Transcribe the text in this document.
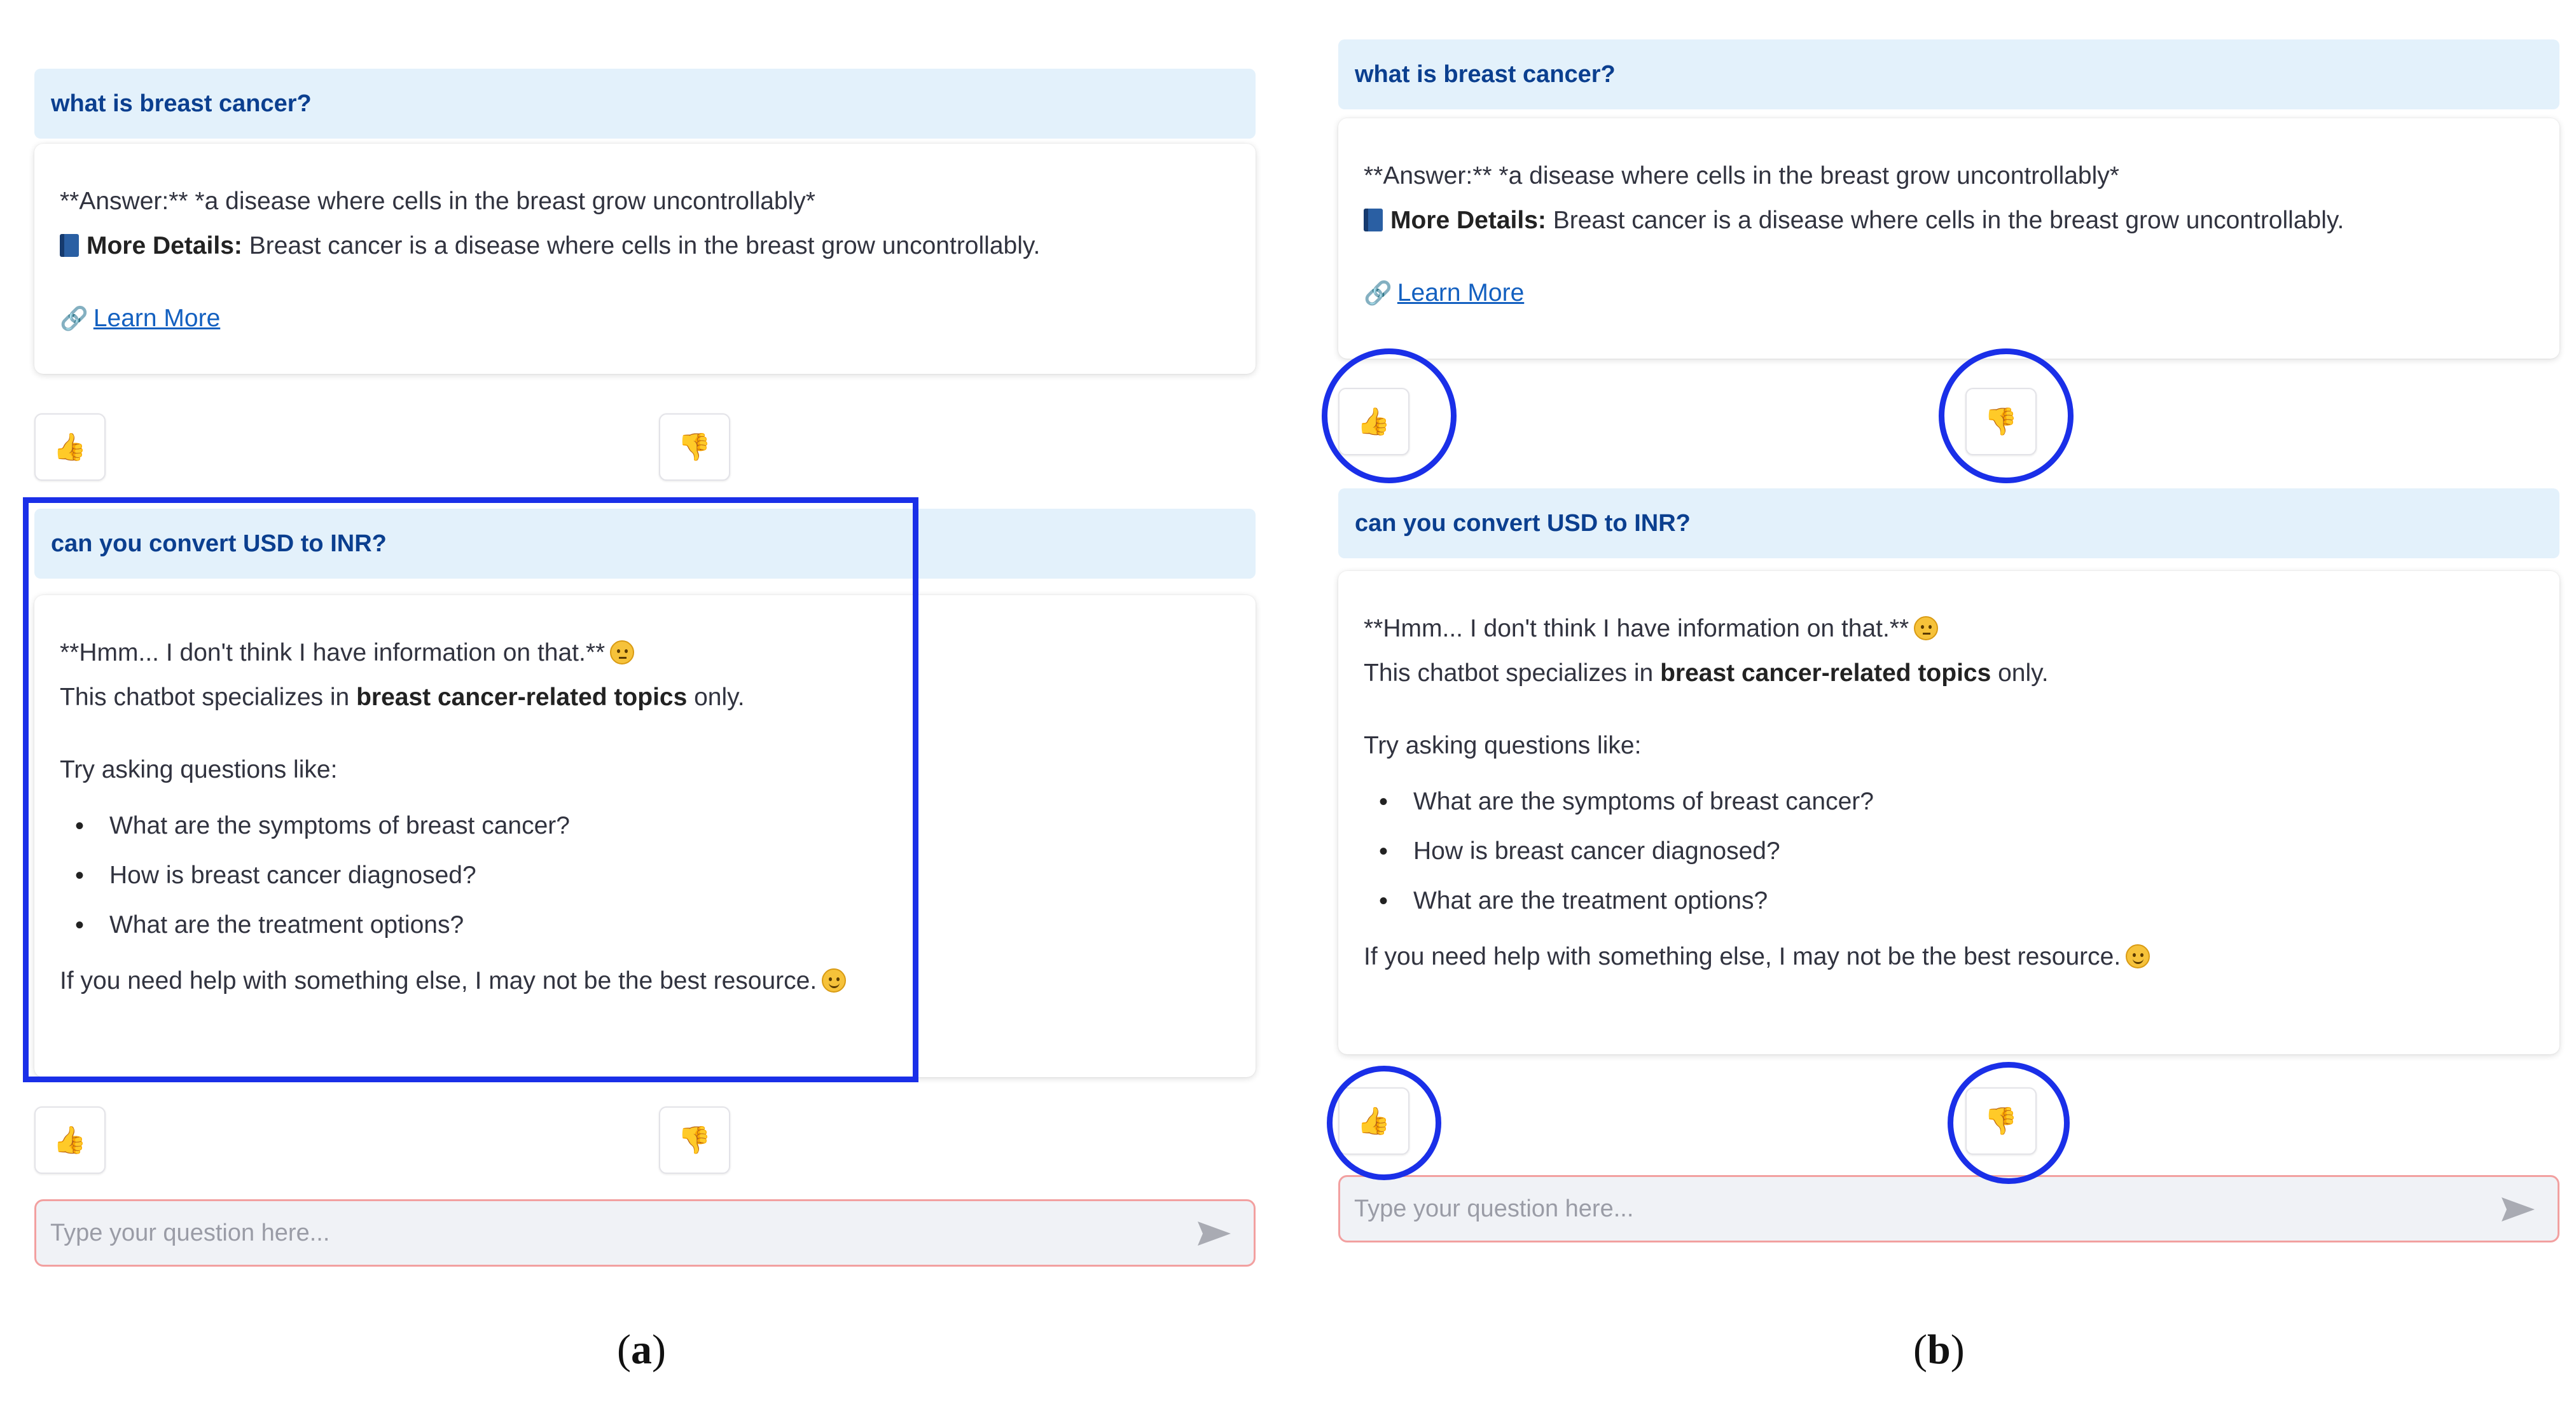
what is breast cancer?

**Answer:** *a disease where cells in the breast grow uncontrollably*

More Details: Breast cancer is a disease where cells in the breast grow uncontrollably.

🔗 Learn More

👍	👎
can you convert USD to INR?

**Hmm... I don't think I have information on that.**

This chatbot specializes in breast cancer-related topics only.

Try asking questions like:

• What are the symptoms of breast cancer?
• How is breast cancer diagnosed?
• What are the treatment options?

If you need help with something else, I may not be the best resource.

👍	👎
Type your question here...
(a)
what is breast cancer?

**Answer:** *a disease where cells in the breast grow uncontrollably*

More Details: Breast cancer is a disease where cells in the breast grow uncontrollably.

🔗 Learn More

👍	👎
can you convert USD to INR?

**Hmm... I don't think I have information on that.**

This chatbot specializes in breast cancer-related topics only.

Try asking questions like:

• What are the symptoms of breast cancer?
• How is breast cancer diagnosed?
• What are the treatment options?

If you need help with something else, I may not be the best resource.

👍	👎
Type your question here...
(b)
